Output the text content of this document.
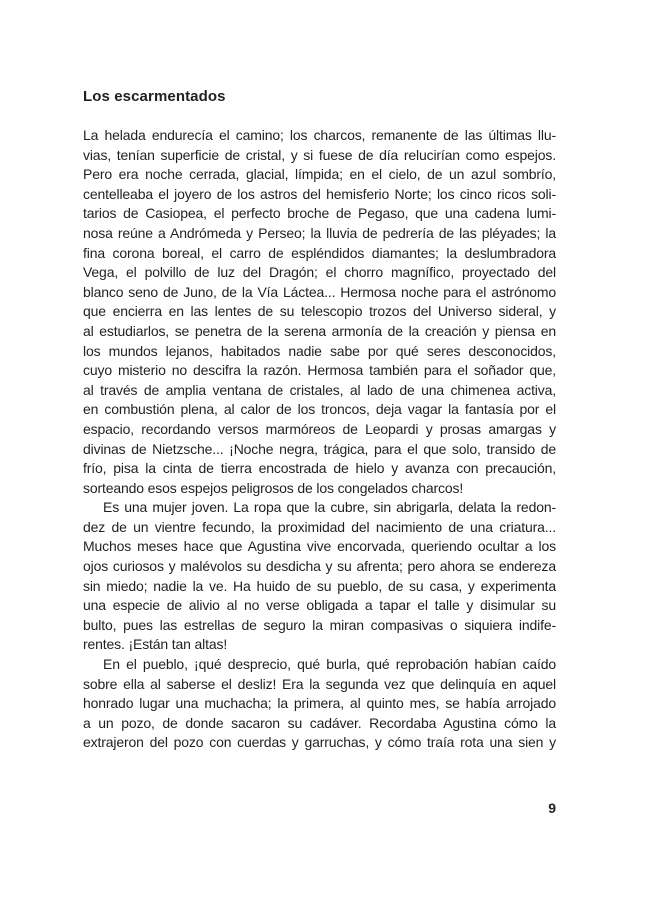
Los escarmentados

La helada endurecía el camino; los charcos, remanente de las últimas llu-

vias, tenían superficie de cristal, y si fuese de día relucirían como espejos.

Pero era noche cerrada, glacial, límpida; en el cielo, de un azul sombrío,

centelleaba el joyero de los astros del hemisferio Norte; los cinco ricos soli-

tarios de Casiopea, el perfecto broche de Pegaso, que una cadena lumi-

nosa reúne a Andrómeda y Perseo; la lluvia de pedrería de las pléyades; la

fina corona boreal, el carro de espléndidos diamantes; la deslumbradora

Vega, el polvillo de luz del Dragón; el chorro magnífico, proyectado del

blanco seno de Juno, de la Vía Láctea... Hermosa noche para el astrónomo

que encierra en las lentes de su telescopio trozos del Universo sideral, y

al estudiarlos, se penetra de la serena armonía de la creación y piensa en

los mundos lejanos, habitados nadie sabe por qué seres desconocidos,

cuyo misterio no descifra la razón. Hermosa también para el soñador que,

al través de amplia ventana de cristales, al lado de una chimenea activa,

en combustión plena, al calor de los troncos, deja vagar la fantasía por el

espacio, recordando versos marmóreos de Leopardi y prosas amargas y

divinas de Nietzsche... ¡Noche negra, trágica, para el que solo, transido de

frío, pisa la cinta de tierra encostrada de hielo y avanza con precaución,

sorteando esos espejos peligrosos de los congelados charcos!

Es una mujer joven. La ropa que la cubre, sin abrigarla, delata la redon-

dez de un vientre fecundo, la proximidad del nacimiento de una criatura...

Muchos meses hace que Agustina vive encorvada, queriendo ocultar a los

ojos curiosos y malévolos su desdicha y su afrenta; pero ahora se endereza

sin miedo; nadie la ve. Ha huido de su pueblo, de su casa, y experimenta

una especie de alivio al no verse obligada a tapar el talle y disimular su

bulto, pues las estrellas de seguro la miran compasivas o siquiera indife-

rentes. ¡Están tan altas!

En el pueblo, ¡qué desprecio, qué burla, qué reprobación habían caído

sobre ella al saberse el desliz! Era la segunda vez que delinquía en aquel

honrado lugar una muchacha; la primera, al quinto mes, se había arrojado

a un pozo, de donde sacaron su cadáver. Recordaba Agustina cómo la

extrajeron del pozo con cuerdas y garruchas, y cómo traía rota una sien y

9
